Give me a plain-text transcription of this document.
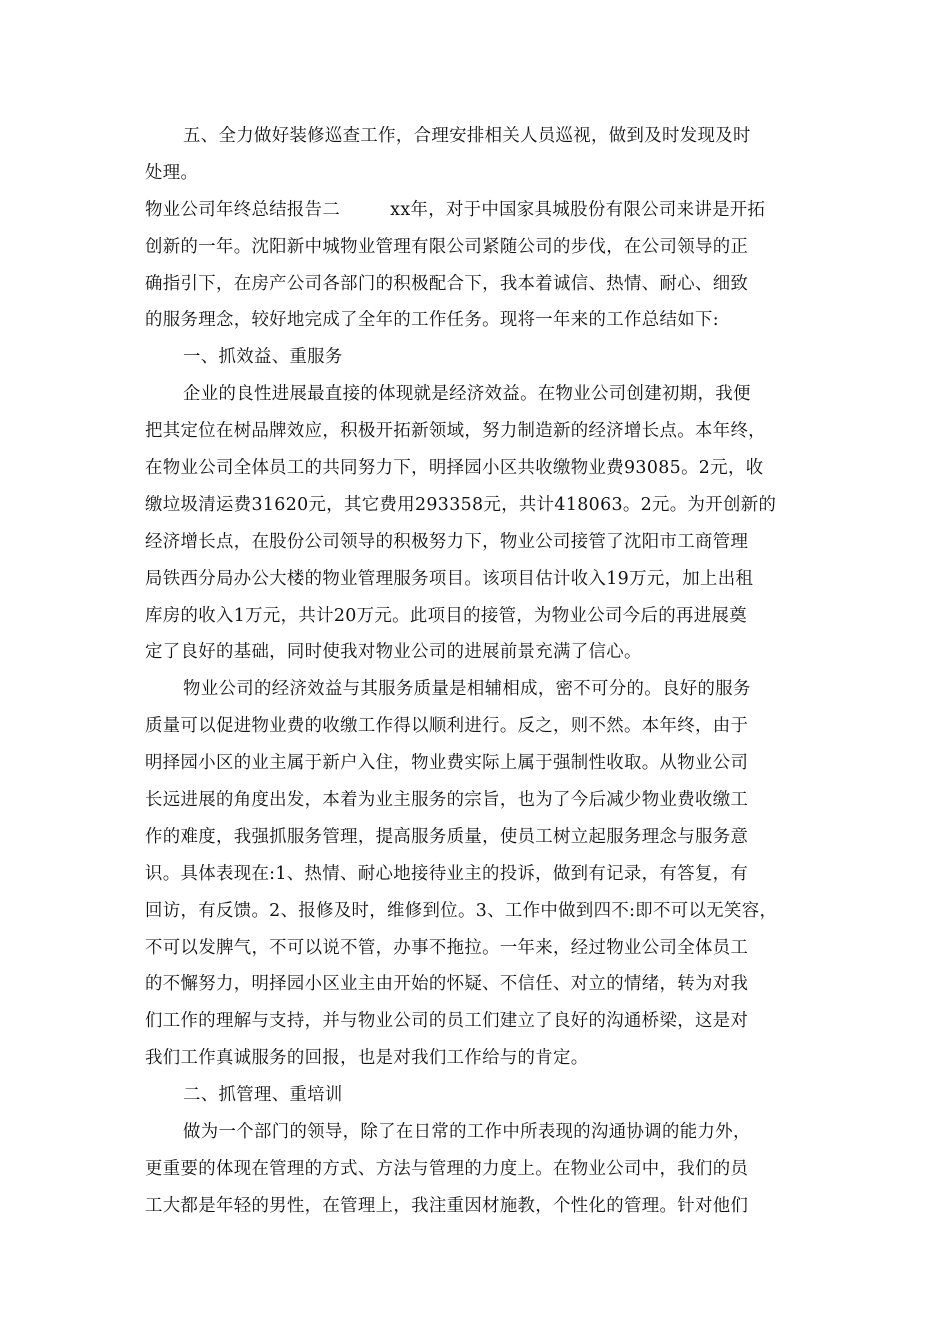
五、全力做好装修巡查工作，合理安排相关人员巡视，做到及时发现及时
处理。
物业公司年终总结报告二	xx年，对于中国家具城股份有限公司来讲是开拓
创新的一年。沈阳新中城物业管理有限公司紧随公司的步伐，在公司领导的正
确指引下，在房产公司各部门的积极配合下，我本着诚信、热情、耐心、细致
的服务理念，较好地完成了全年的工作任务。现将一年来的工作总结如下:
一、抓效益、重服务
企业的良性进展最直接的体现就是经济效益。在物业公司创建初期，我便
把其定位在树品牌效应，积极开拓新领域，努力制造新的经济增长点。本年终，
在物业公司全体员工的共同努力下，明择园小区共收缴物业费93085。2元，收
缴垃圾清运费31620元，其它费用293358元，共计418063。2元。为开创新的
经济增长点，在股份公司领导的积极努力下，物业公司接管了沈阳市工商管理
局铁西分局办公大楼的物业管理服务项目。该项目估计收入19万元，加上出租
库房的收入1万元，共计20万元。此项目的接管，为物业公司今后的再进展奠
定了良好的基础，同时使我对物业公司的进展前景充满了信心。
物业公司的经济效益与其服务质量是相辅相成，密不可分的。良好的服务
质量可以促进物业费的收缴工作得以顺利进行。反之，则不然。本年终，由于
明择园小区的业主属于新户入住，物业费实际上属于强制性收取。从物业公司
长远进展的角度出发，本着为业主服务的宗旨，也为了今后减少物业费收缴工
作的难度，我强抓服务管理，提高服务质量，使员工树立起服务理念与服务意
识。具体表现在:1、热情、耐心地接待业主的投诉，做到有记录，有答复，有
回访，有反馈。2、报修及时，维修到位。3、工作中做到四不:即不可以无笑容，
不可以发脾气，不可以说不管，办事不拖拉。一年来，经过物业公司全体员工
的不懈努力，明择园小区业主由开始的怀疑、不信任、对立的情绪，转为对我
们工作的理解与支持，并与物业公司的员工们建立了良好的沟通桥梁，这是对
我们工作真诚服务的回报，也是对我们工作给与的肯定。
二、抓管理、重培训
做为一个部门的领导，除了在日常的工作中所表现的沟通协调的能力外，
更重要的体现在管理的方式、方法与管理的力度上。在物业公司中，我们的员
工大都是年轻的男性，在管理上，我注重因材施教，个性化的管理。针对他们
